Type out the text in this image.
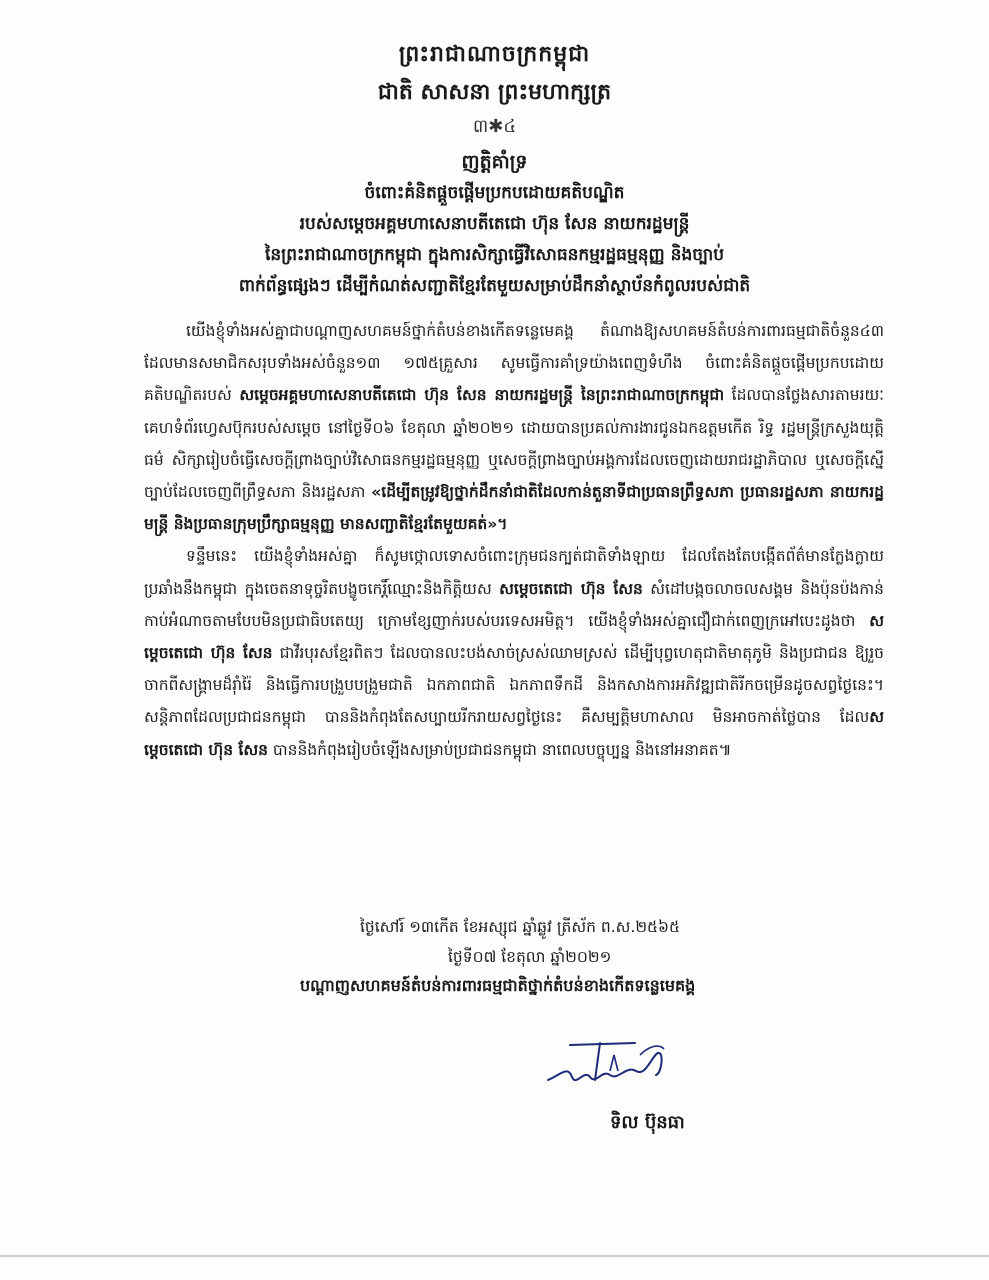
ព្រះរាជាណាចក្រកម្ពុជា
ជាតិ សាសនា ព្រះមហាក្សត្រ
៣✱៤
ញត្តិគាំទ្រ
ចំពោះគំនិតផ្តួចផ្តើមប្រកបដោយគតិបណ្ឌិត
របស់សម្តេចអគ្គមហាសេនាបតីតេជោ ហ៊ុន សែន នាយករដ្ឋមន្ត្រី
នៃព្រះរាជាណាចក្រកម្ពុជា ក្នុងការសិក្សាធ្វើវិសោធនកម្មរដ្ឋធម្មនុញ្ញ និងច្បាប់
ពាក់ព័ន្ធផ្សេងៗ ដើម្បីកំណត់សញ្ជាតិខ្មែរតែមួយសម្រាប់ដឹកនាំស្ថាប័នកំពូលរបស់ជាតិ

យើងខ្ញុំទាំងអស់គ្នាជាបណ្តាញសហគមន៍ថ្នាក់តំបន់ខាងកើតទន្លេមេគង្គ តំណាងឱ្យសហគមន៍តំបន់ការពារធម្មជាតិចំនួន៤៣ ដែលមានសមាជិកសរុបទាំងអស់ចំនួន១៣ ១៧៥គ្រួសារ សូមធ្វើការគាំទ្រយ៉ាងពេញទំហឹង ចំពោះគំនិតផ្តួចផ្តើមប្រកបដោយគតិបណ្ឌិតរបស់ សម្តេចអគ្គមហាសេនាបតីតេជោ ហ៊ុន សែន នាយករដ្ឋមន្ត្រី នៃព្រះរាជាណាចក្រកម្ពុជា ដែលបានថ្លែងសារតាមរយៈគេហទំព័រហ្វេសប៊ុករបស់សម្តេច នៅថ្ងៃទី០៦ ខែតុលា ឆ្នាំ២០២១ ដោយបានប្រគល់ការងារជូនឯកឧត្តមកើត រិទ្ធ រដ្ឋមន្ត្រីក្រសួងយុត្តិធម៌ សិក្សារៀបចំធ្វើសេចក្តីព្រាងច្បាប់វិសោធនកម្មរដ្ឋធម្មនុញ្ញ ឬសេចក្តីព្រាងច្បាប់អង្គការដែលចេញដោយរាជរដ្ឋាភិបាល ឬសេចក្តីស្នើច្បាប់ដែលចេញពីព្រឹទ្ធសភា និងរដ្ឋសភា «ដើម្បីតម្រូវឱ្យថ្នាក់ដឹកនាំជាតិដែលកាន់តួនាទីជាប្រធានព្រឹទ្ធសភា ប្រធានរដ្ឋសភា នាយករដ្ឋមន្ត្រី និងប្រធានក្រុមប្រឹក្សាធម្មនុញ្ញ មានសញ្ជាតិខ្មែរតែមួយគត់»។

ទន្ទឹមនេះ យើងខ្ញុំទាំងអស់គ្នា ក៏សូមថ្កោលទោសចំពោះក្រុមជនក្បត់ជាតិទាំងឡាយ ដែលតែងតែបង្កើតព័ត៌មានក្លែងក្លាយប្រឆាំងនឹងកម្ពុជា ក្នុងចេតនាទុច្ចរិតបង្ខូចកេរ្តិ៍ឈ្មោះនិងកិត្តិយស សម្តេចតេជោ ហ៊ុន សែន សំដៅបង្កចលាចលសង្គម និងប៉ុនប៉ងកាន់កាប់អំណាចតាមបែបមិនប្រជាធិបតេយ្យ ក្រោមខ្សែញាក់របស់បរទេសអមិត្ត។ យើងខ្ញុំទាំងអស់គ្នាជឿជាក់ពេញក្រអៅបេះដូងថា សម្តេចតេជោ ហ៊ុន សែន ជាវីរបុរសខ្មែរពិតៗ ដែលបានលះបង់សាច់ស្រស់ឈាមស្រស់ ដើម្បីបុព្វហេតុជាតិមាតុភូមិ និងប្រជាជន ឱ្យរួចចាកពីសង្គ្រាមដ៏រ៉ាំរ៉ៃ និងធ្វើការបង្រួបបង្រួមជាតិ ឯកភាពជាតិ ឯកភាពទឹកដី និងកសាងការអភិវឌ្ឍជាតិរីកចម្រើនដូចសព្វថ្ងៃនេះ។ សន្តិភាពដែលប្រជាជនកម្ពុជា បាននិងកំពុងតែសប្បាយរីករាយសព្វថ្ងៃនេះ គឺសម្បត្តិមហាសាល មិនអាចកាត់ថ្លៃបាន ដែលសម្តេចតេជោ ហ៊ុន សែន បាននិងកំពុងរៀបចំឡើងសម្រាប់ប្រជាជនកម្ពុជា នាពេលបច្ចុប្បន្ន និងនៅអនាគត៕

ថ្ងៃសៅរ៍ ១៣កើត ខែអស្សុជ ឆ្នាំឆ្លូវ ត្រីស័ក ព.ស.២៥៦៥
ថ្ងៃទី០៧ ខែតុលា ឆ្នាំ២០២១
បណ្តាញសហគមន៍តំបន់ការពារធម្មជាតិថ្នាក់តំបន់ខាងកើតទន្លេមេគង្គ
ទិល ប៊ុនធា
